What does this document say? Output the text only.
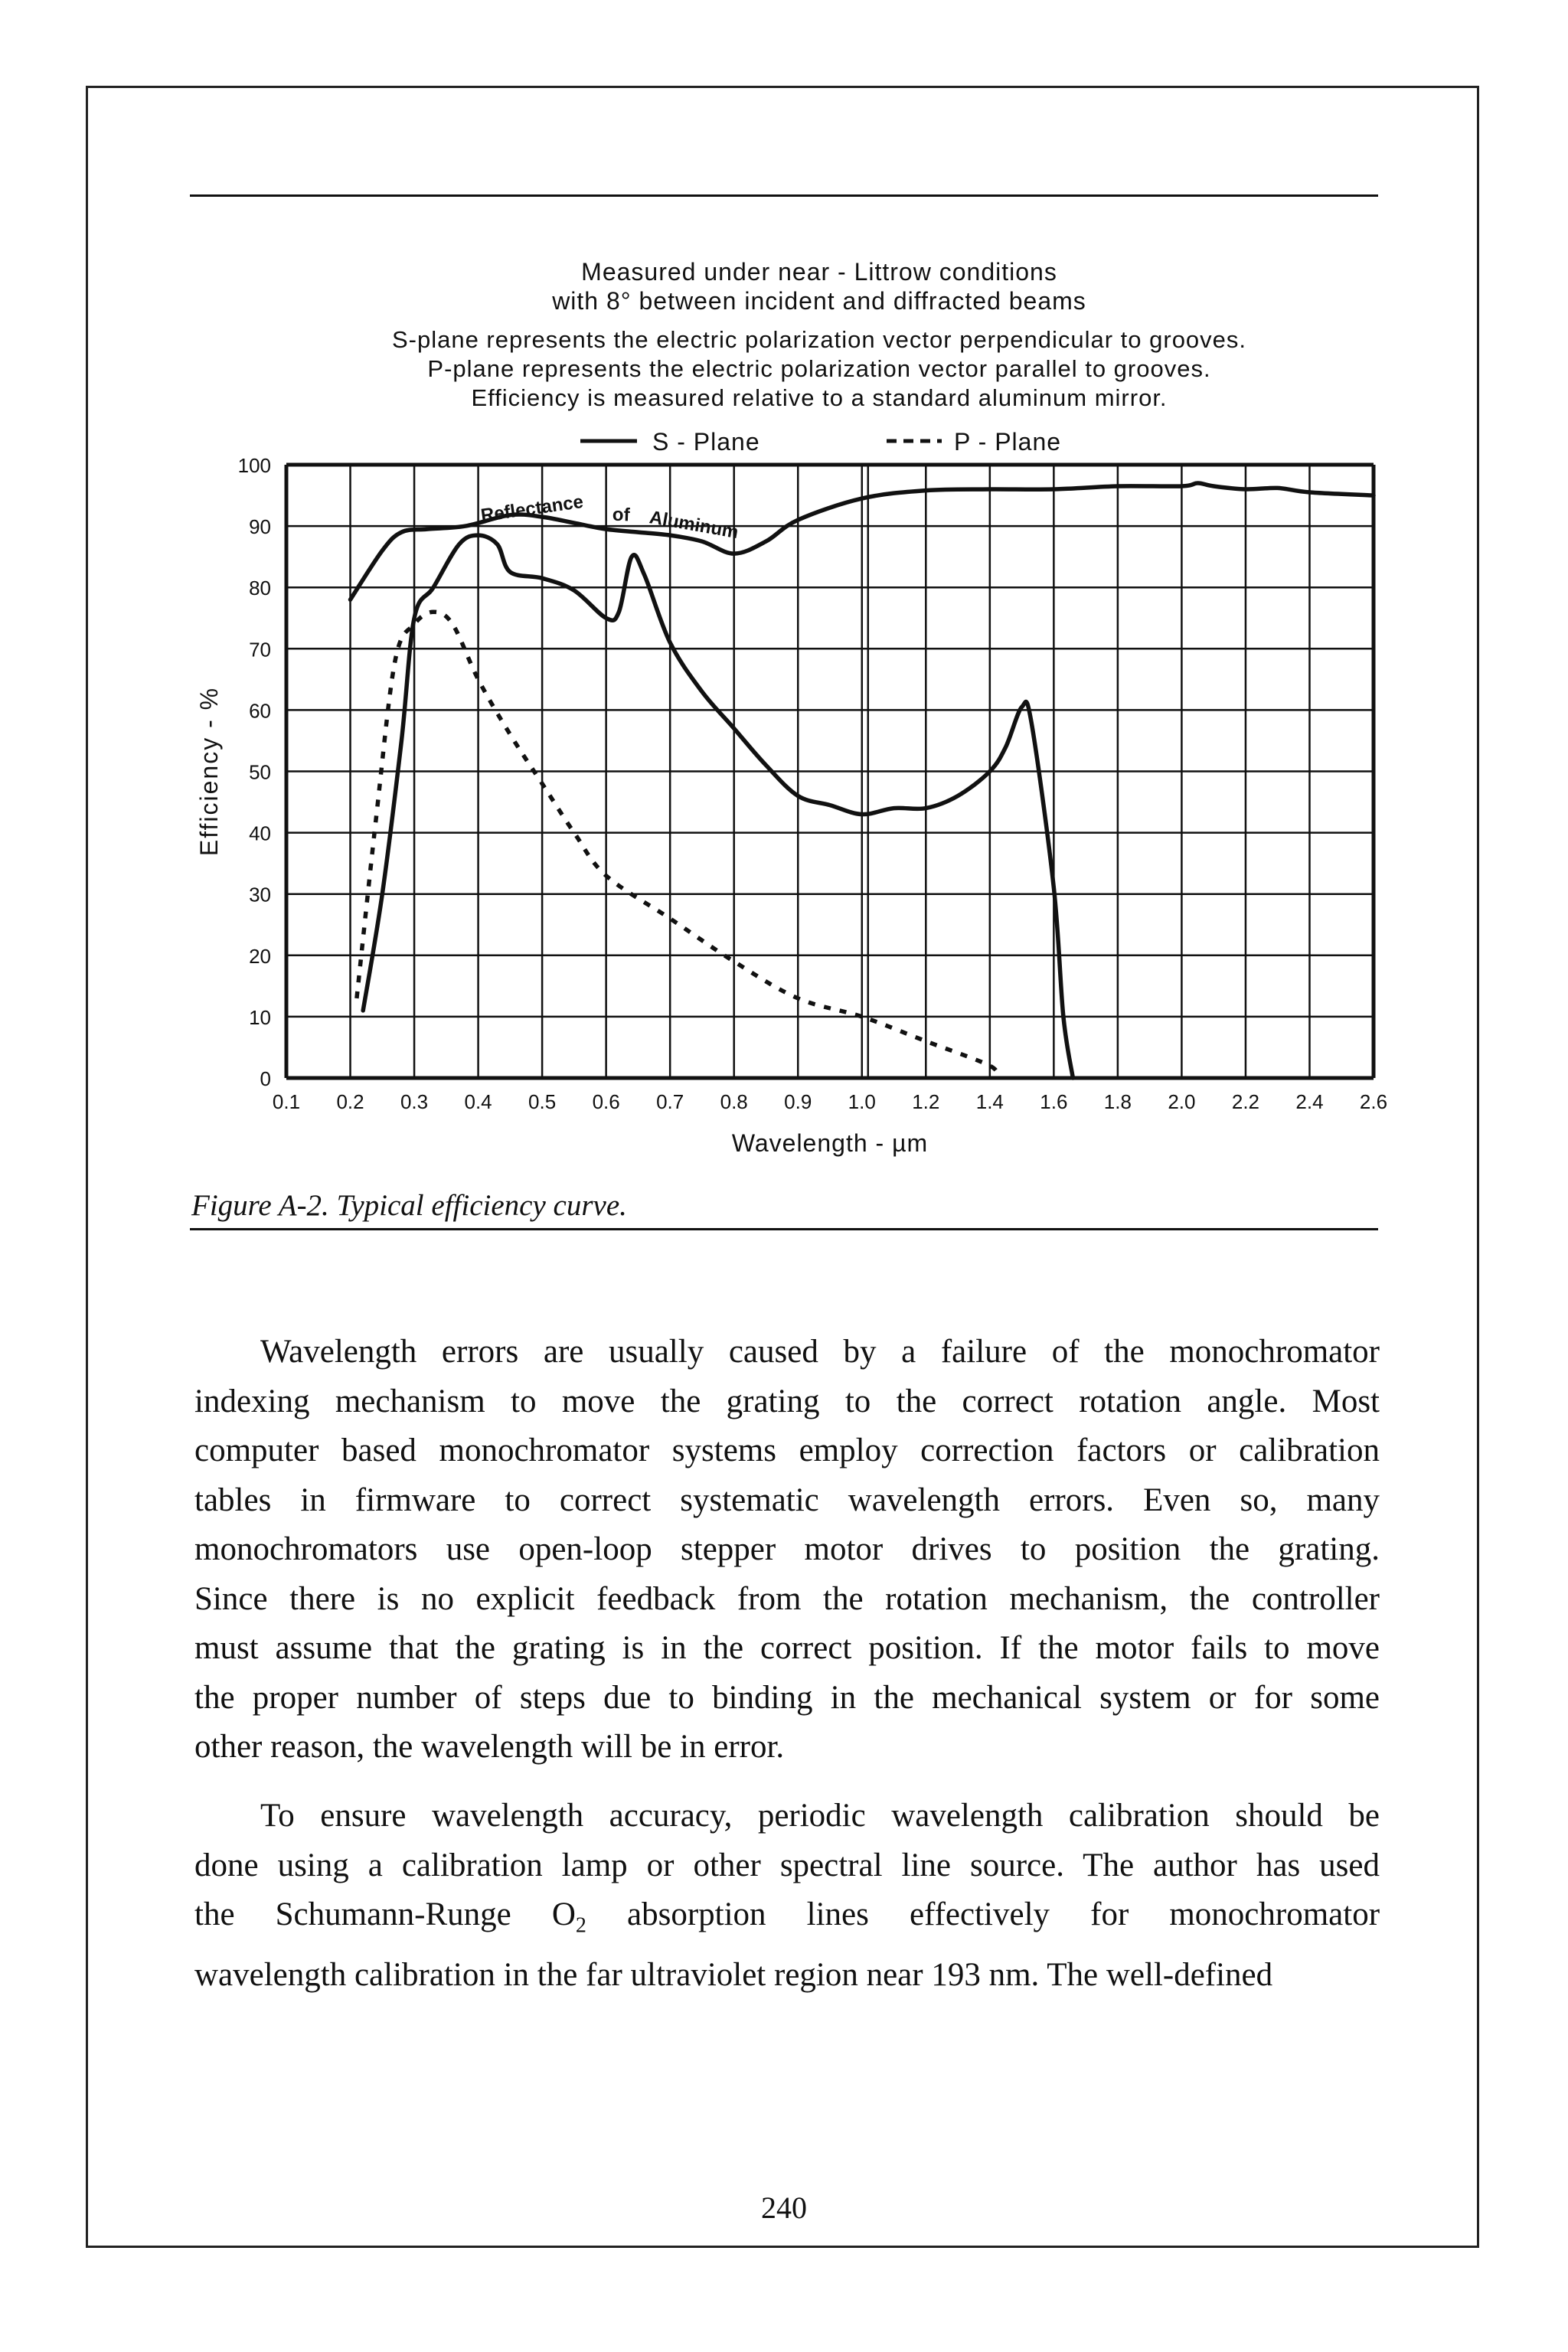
Measured under near - Littrow conditions
with 8° between incident and diffracted beams
S-plane represents the electric polarization vector perpendicular to grooves.
P-plane represents the electric polarization vector parallel to grooves.
Efficiency is measured relative to a standard aluminum mirror.
S - Plane	P - Plane
0
10
20
30
40
50
60
70
80
90
100
0.1 0.2 0.3 0.4 0.5 0.6 0.7 0.8 0.9 1.0 1.2 1.4 1.6 1.8 2.0 2.2 2.4 2.6
Wavelength - µm
Efficiency - %
Reflectance of Aluminum
Figure A-2. Typical efficiency curve.
Wavelength errors are usually caused by a failure of the monochromator
indexing mechanism to move the grating to the correct rotation angle. Most
computer based monochromator systems employ correction factors or calibration
tables in firmware to correct systematic wavelength errors. Even so, many
monochromators use open-loop stepper motor drives to position the grating.
Since there is no explicit feedback from the rotation mechanism, the controller
must assume that the grating is in the correct position. If the motor fails to move
the proper number of steps due to binding in the mechanical system or for some
other reason, the wavelength will be in error.
To ensure wavelength accuracy, periodic wavelength calibration should be
done using a calibration lamp or other spectral line source. The author has used
the Schumann-Runge $O_2$ absorption lines effectively for monochromator
wavelength calibration in the far ultraviolet region near 193 nm. The well-defined
240
